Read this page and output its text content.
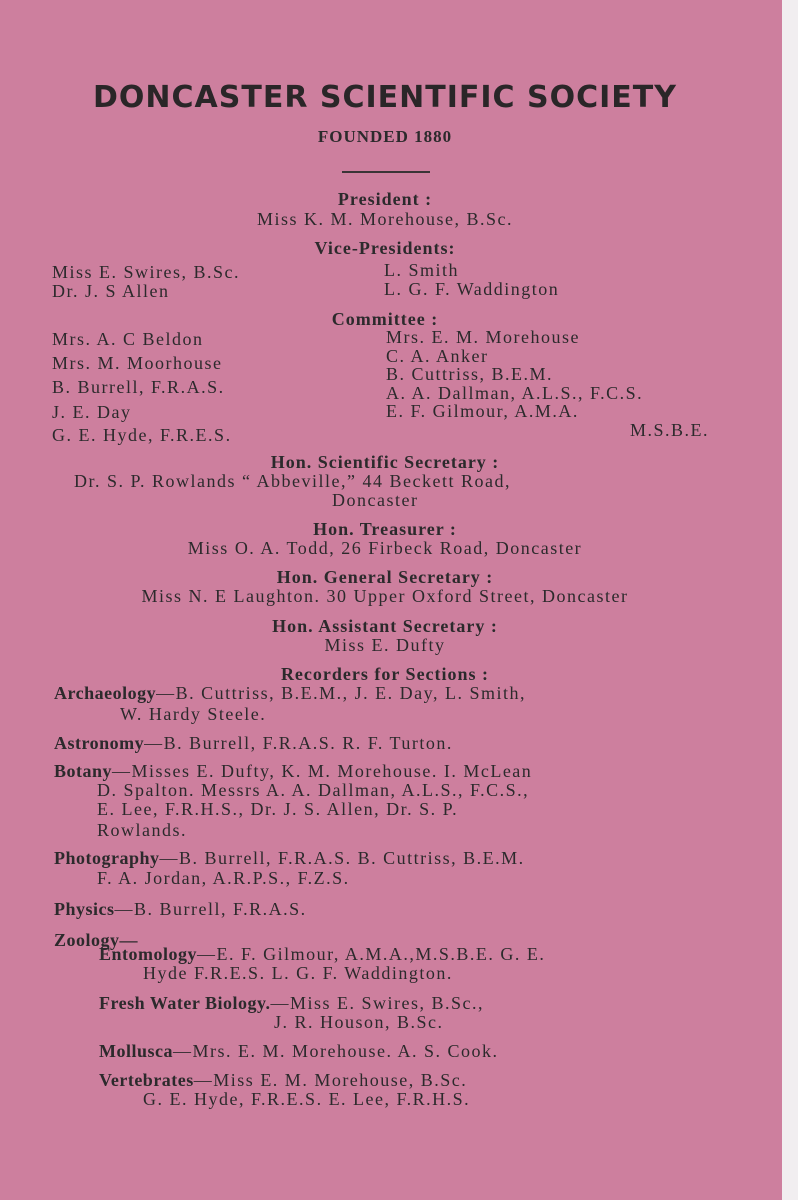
DONCASTER SCIENTIFIC SOCIETY
FOUNDED 1880
President :
Miss K. M. Morehouse, B.Sc.
Vice-Presidents:
Miss E. Swires, B.Sc.
Dr. J. S Allen
L. Smith
L. G. F. Waddington
Committee :
Mrs. A. C Beldon
Mrs. M. Moorhouse
B. Burrell, F.R.A.S.
J. E. Day
G. E. Hyde, F.R.E.S.
Mrs. E. M. Morehouse
C. A. Anker
B. Cuttriss, B.E.M.
A. A. Dallman, A.L.S., F.C.S.
E. F. Gilmour, A.M.A.
M.S.B.E.
Hon. Scientific Secretary :
Dr. S. P. Rowlands “ Abbeville,” 44 Beckett Road,
Doncaster
Hon. Treasurer :
Miss O. A. Todd, 26 Firbeck Road, Doncaster
Hon. General Secretary :
Miss N. E Laughton. 30 Upper Oxford Street, Doncaster
Hon. Assistant Secretary :
Miss E. Dufty
Recorders for Sections :
Archaeology—B. Cuttriss, B.E.M., J. E. Day, L. Smith,
W. Hardy Steele.
Astronomy—B. Burrell, F.R.A.S. R. F. Turton.
Botany—Misses E. Dufty, K. M. Morehouse. I. McLean
D. Spalton. Messrs A. A. Dallman, A.L.S., F.C.S.,
E. Lee, F.R.H.S., Dr. J. S. Allen, Dr. S. P.
Rowlands.
Photography—B. Burrell, F.R.A.S. B. Cuttriss, B.E.M.
F. A. Jordan, A.R.P.S., F.Z.S.
Physics—B. Burrell, F.R.A.S.
Zoology—
Entomology—E. F. Gilmour, A.M.A.,M.S.B.E. G. E.
Hyde F.R.E.S. L. G. F. Waddington.
Fresh Water Biology.—Miss E. Swires, B.Sc.,
J. R. Houson, B.Sc.
Mollusca—Mrs. E. M. Morehouse. A. S. Cook.
Vertebrates—Miss E. M. Morehouse, B.Sc.
G. E. Hyde, F.R.E.S. E. Lee, F.R.H.S.
